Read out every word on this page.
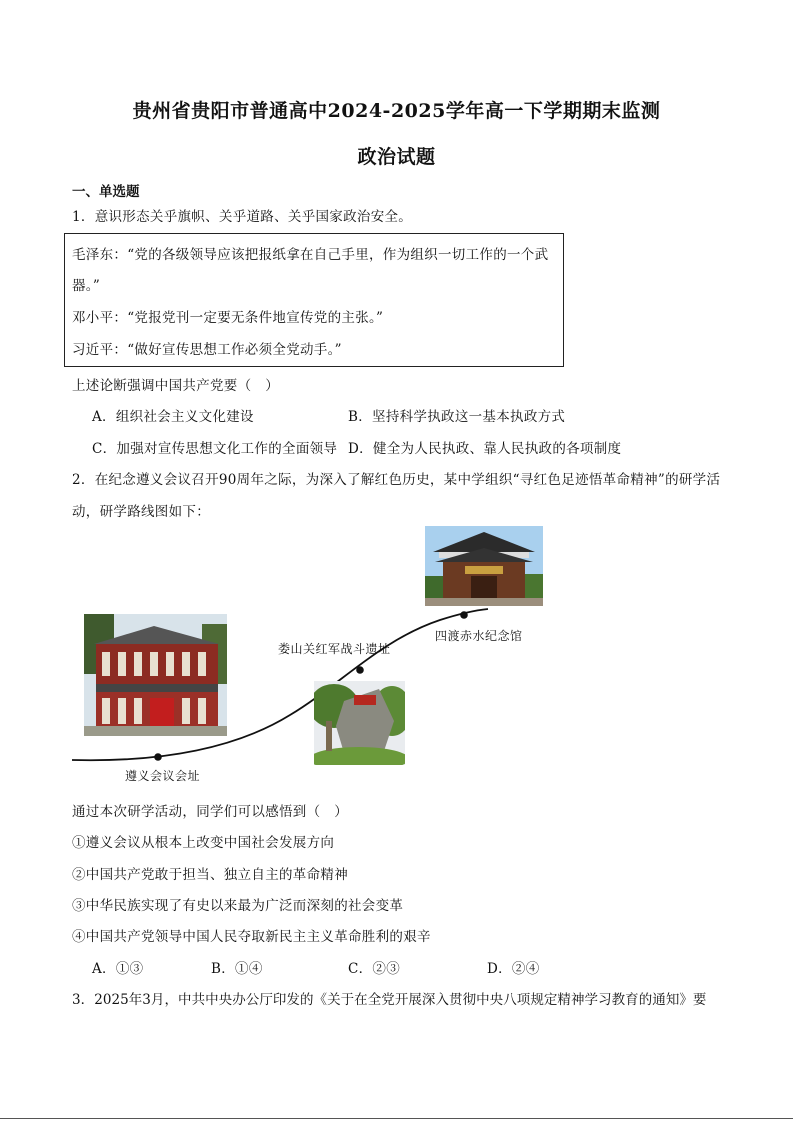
贵州省贵阳市普通高中2024-2025学年高一下学期期末监测
政治试题
一、单选题
1．意识形态关乎旗帜、关乎道路、关乎国家政治安全。
毛泽东：“党的各级领导应该把报纸拿在自己手里，作为组织一切工作的一个武
器。”
邓小平：“党报党刊一定要无条件地宣传党的主张。”
习近平：“做好宣传思想工作必须全党动手。”
上述论断强调中国共产党要（　）
A．组织社会主义文化建设	B．坚持科学执政这一基本执政方式
C．加强对宣传思想文化工作的全面领导 D．健全为人民执政、靠人民执政的各项制度
2．在纪念遵义会议召开90周年之际，为深入了解红色历史，某中学组织“寻红色足迹悟革命精神”的研学活
动，研学路线图如下：
遵义会议会址
娄山关红军战斗遗址
四渡赤水纪念馆
通过本次研学活动，同学们可以感悟到（　）
①遵义会议从根本上改变中国社会发展方向
②中国共产党敢于担当、独立自主的革命精神
③中华民族实现了有史以来最为广泛而深刻的社会变革
④中国共产党领导中国人民夺取新民主主义革命胜利的艰辛
A．①③	B．①④	C．②③	D．②④
3．2025年3月，中共中央办公厅印发的《关于在全党开展深入贯彻中央八项规定精神学习教育的通知》要
